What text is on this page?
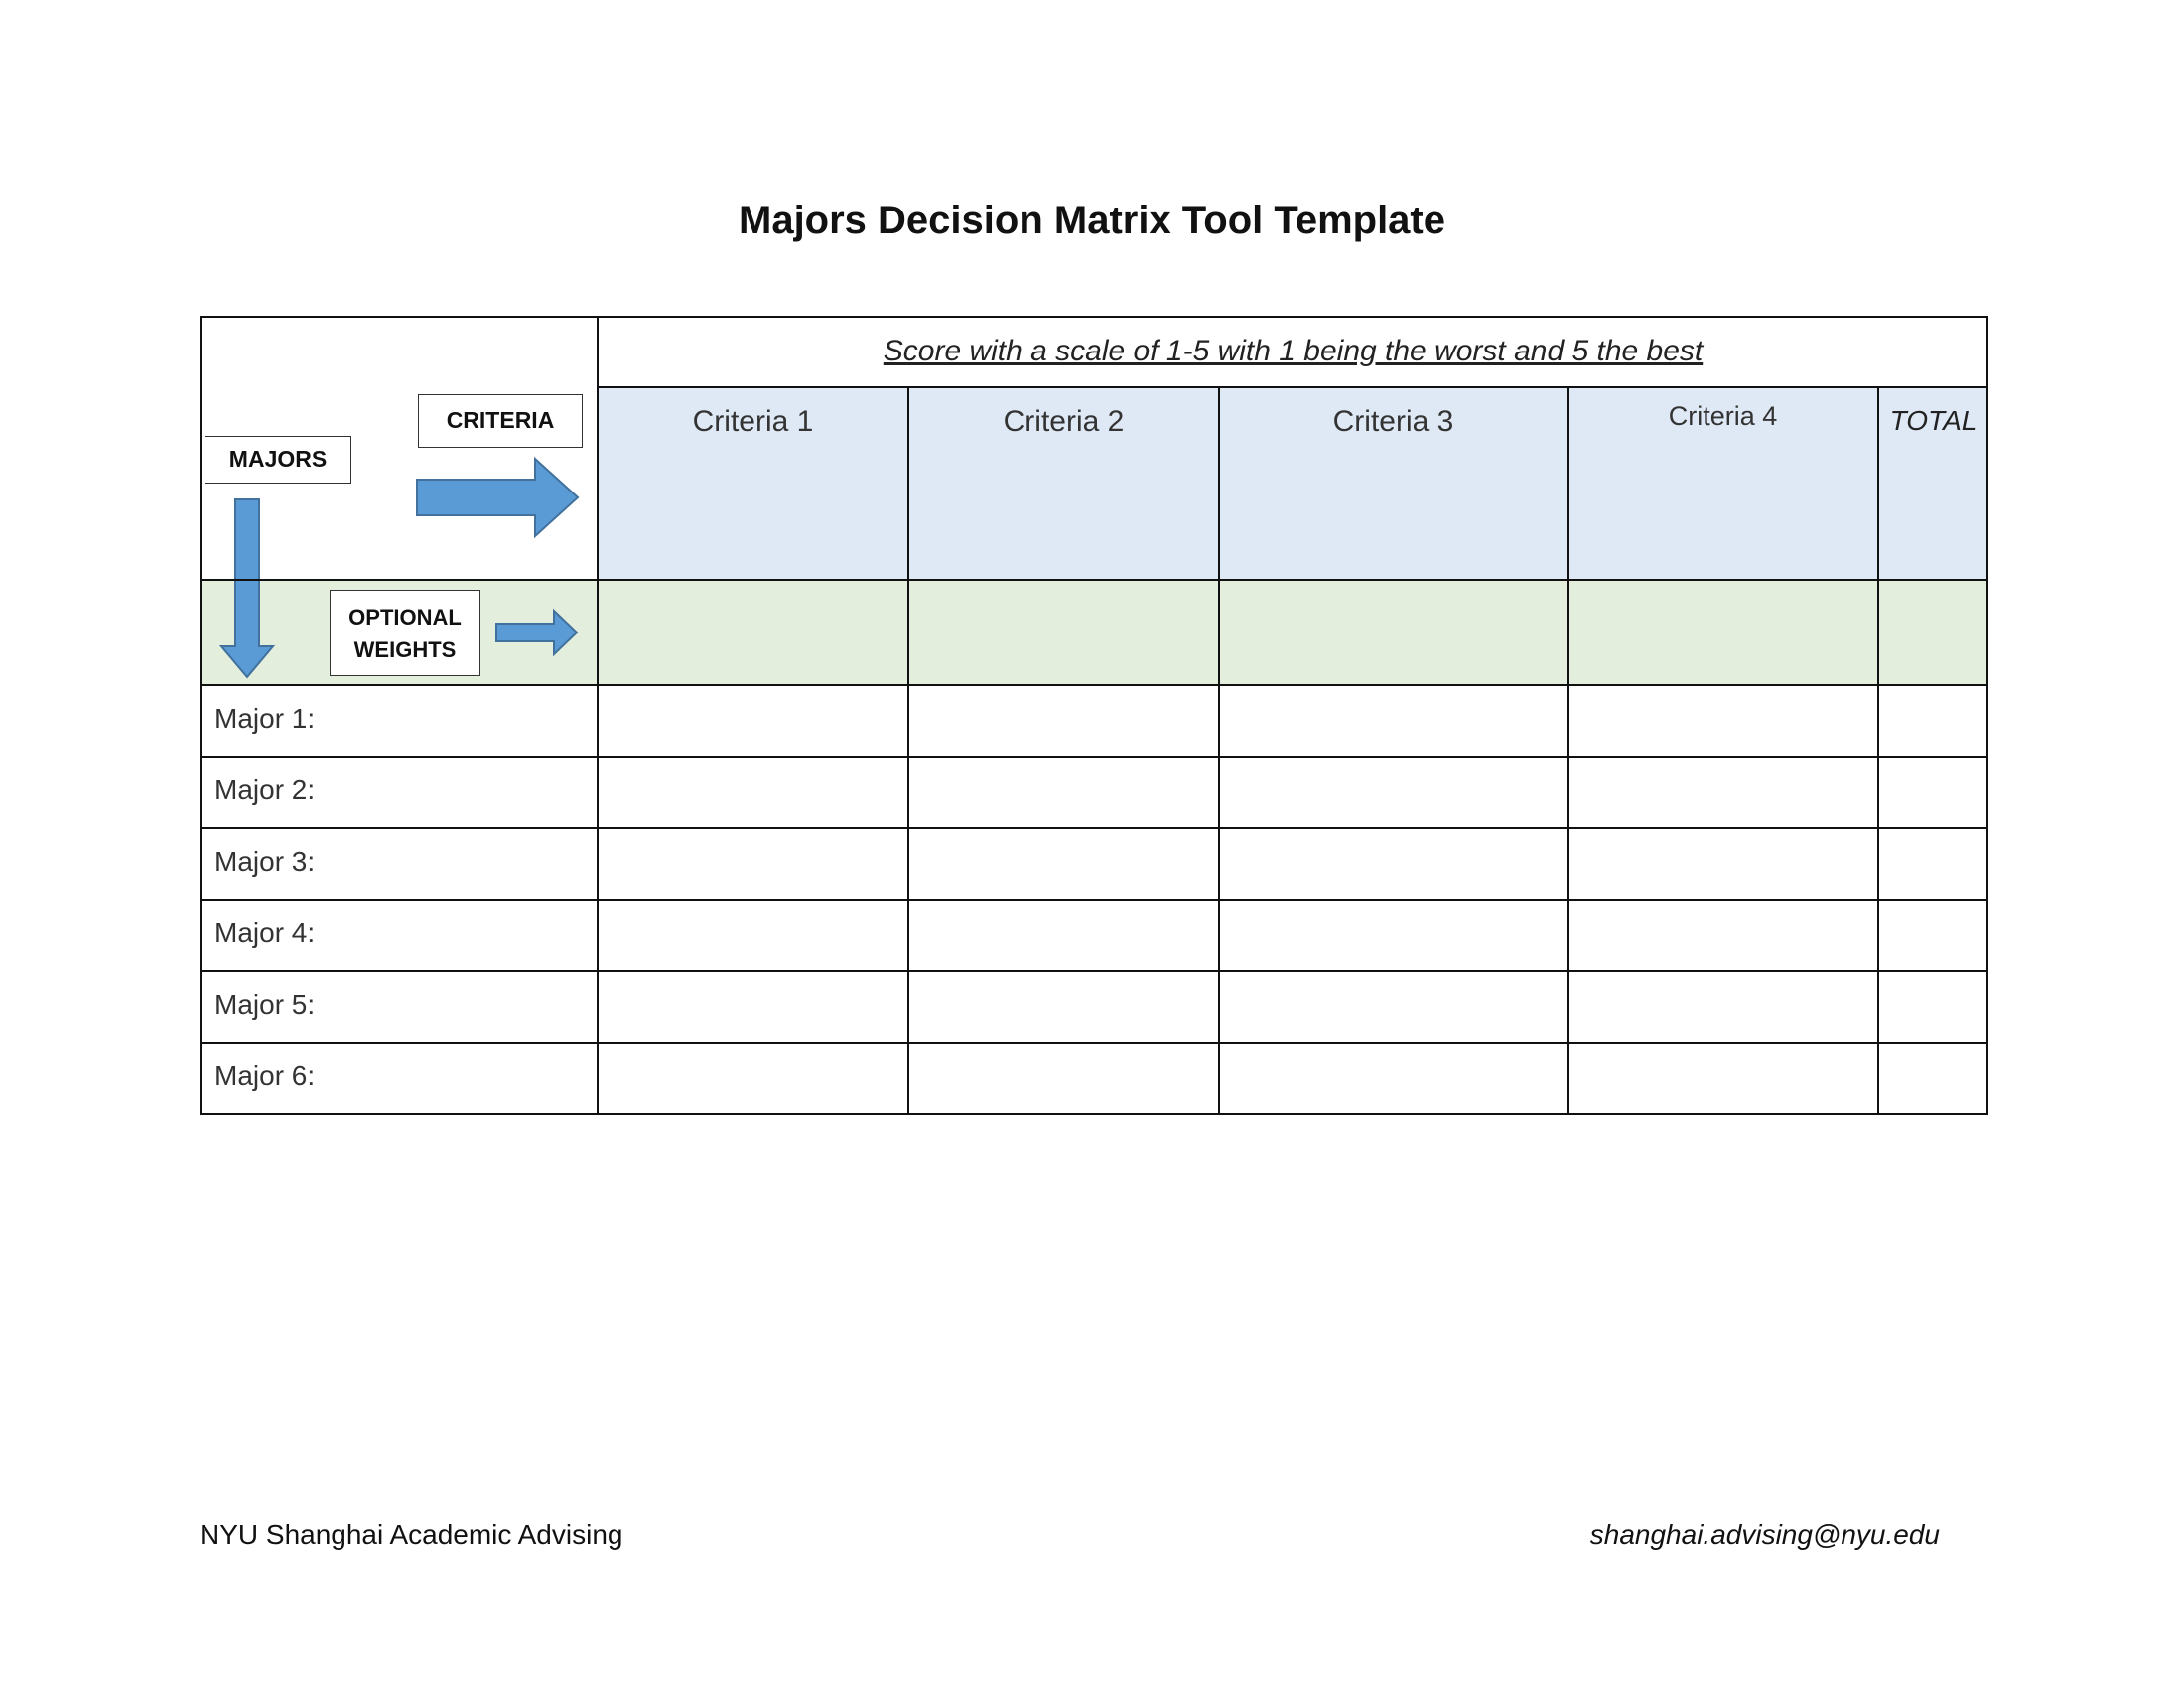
Majors Decision Matrix Tool Template
Score with a scale of 1-5 with 1 being the worst and 5 the best
Criteria 1	Criteria 2	Criteria 3	Criteria 4	TOTAL
Major 1:
Major 2:
Major 3:
Major 4:
Major 5:
Major 6:
CRITERIA
MAJORS
OPTIONAL
WEIGHTS
NYU Shanghai Academic Advising	shanghai.advising@nyu.edu
